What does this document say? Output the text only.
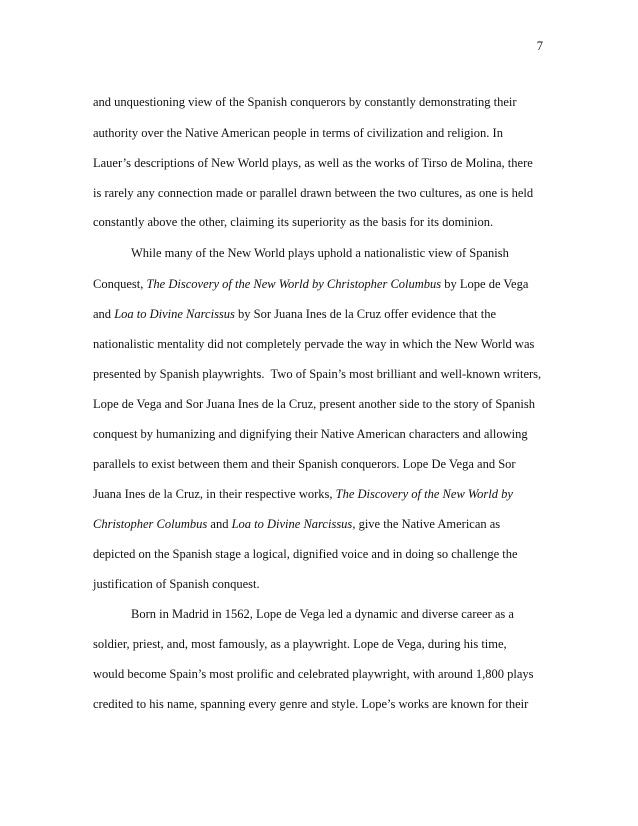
7
and unquestioning view of the Spanish conquerors by constantly demonstrating their
authority over the Native American people in terms of civilization and religion. In
Lauer’s descriptions of New World plays, as well as the works of Tirso de Molina, there
is rarely any connection made or parallel drawn between the two cultures, as one is held
constantly above the other, claiming its superiority as the basis for its dominion.
While many of the New World plays uphold a nationalistic view of Spanish
Conquest, The Discovery of the New World by Christopher Columbus by Lope de Vega
and Loa to Divine Narcissus by Sor Juana Ines de la Cruz offer evidence that the
nationalistic mentality did not completely pervade the way in which the New World was
presented by Spanish playwrights.  Two of Spain’s most brilliant and well-known writers,
Lope de Vega and Sor Juana Ines de la Cruz, present another side to the story of Spanish
conquest by humanizing and dignifying their Native American characters and allowing
parallels to exist between them and their Spanish conquerors. Lope De Vega and Sor
Juana Ines de la Cruz, in their respective works, The Discovery of the New World by
Christopher Columbus and Loa to Divine Narcissus, give the Native American as
depicted on the Spanish stage a logical, dignified voice and in doing so challenge the
justification of Spanish conquest.
Born in Madrid in 1562, Lope de Vega led a dynamic and diverse career as a
soldier, priest, and, most famously, as a playwright. Lope de Vega, during his time,
would become Spain’s most prolific and celebrated playwright, with around 1,800 plays
credited to his name, spanning every genre and style. Lope’s works are known for their
